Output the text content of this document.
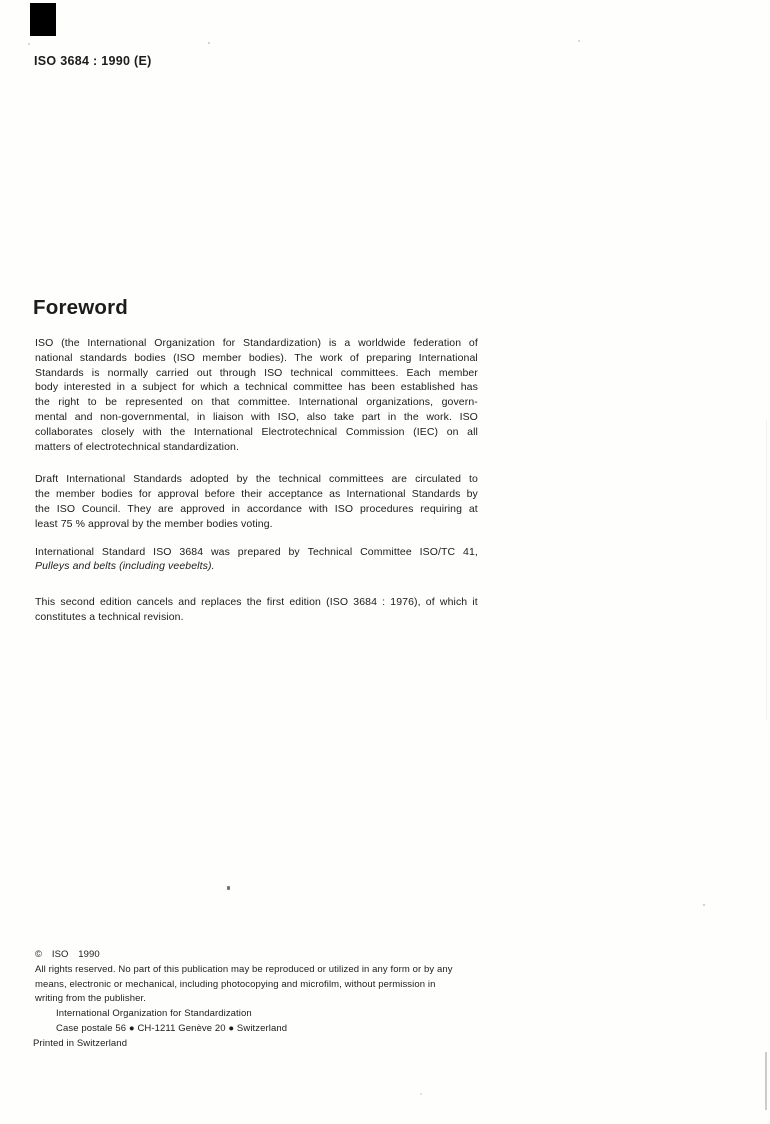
ISO 3684 : 1990 (E)
Foreword
ISO (the International Organization for Standardization) is a worldwide federation of
national standards bodies (ISO member bodies). The work of preparing International
Standards is normally carried out through ISO technical committees. Each member
body interested in a subject for which a technical committee has been established has
the right to be represented on that committee. International organizations, govern-
mental and non-governmental, in liaison with ISO, also take part in the work. ISO
collaborates closely with the International Electrotechnical Commission (IEC) on all
matters of electrotechnical standardization.
Draft International Standards adopted by the technical committees are circulated to
the member bodies for approval before their acceptance as International Standards by
the ISO Council. They are approved in accordance with ISO procedures requiring at
least 75 % approval by the member bodies voting.
International Standard ISO 3684 was prepared by Technical Committee ISO/TC 41,
Pulleys and belts (including veebelts).
This second edition cancels and replaces the first edition (ISO 3684 : 1976), of which it
constitutes a technical revision.
© ISO 1990
All rights reserved. No part of this publication may be reproduced or utilized in any form or by any
means, electronic or mechanical, including photocopying and microfilm, without permission in
writing from the publisher.
International Organization for Standardization
Case postale 56 ● CH-1211 Genève 20 ● Switzerland
Printed in Switzerland
